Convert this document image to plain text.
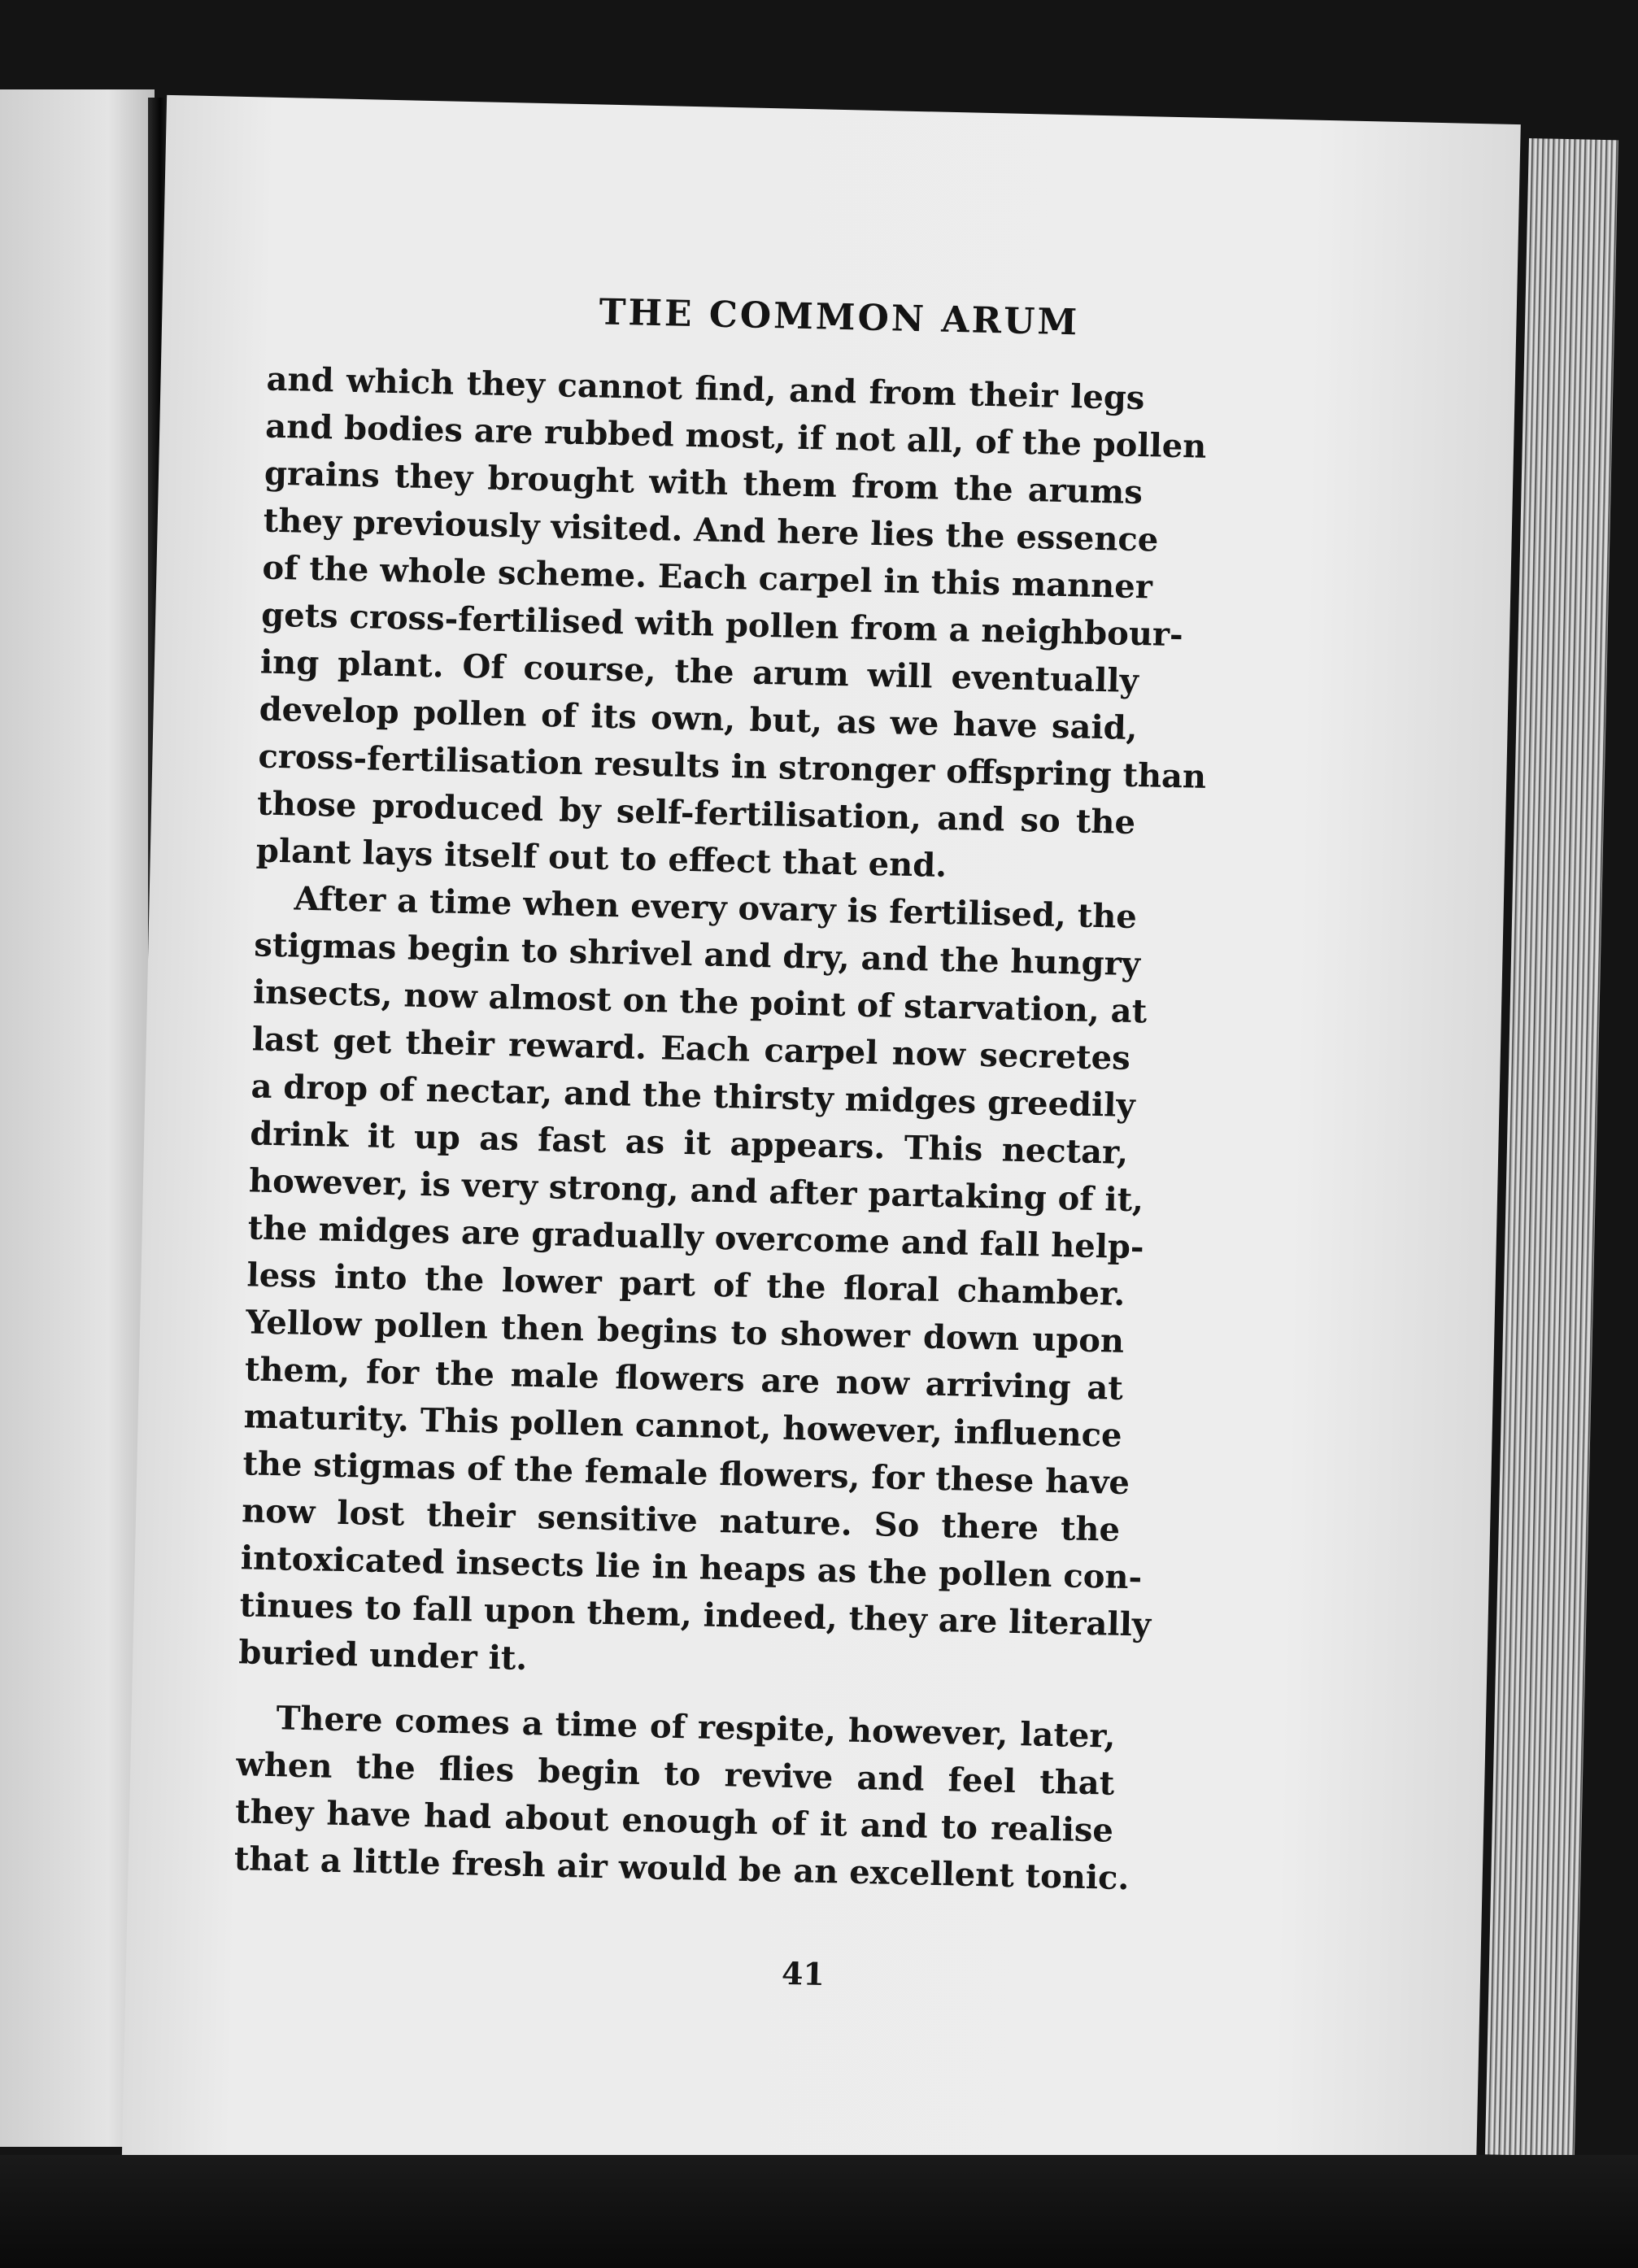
THE COMMON ARUM
and which they cannot find, and from their legs
and bodies are rubbed most, if not all, of the pollen
grains they brought with them from the arums
they previously visited. And here lies the essence
of the whole scheme. Each carpel in this manner
gets cross-fertilised with pollen from a neighbour-
ing plant. Of course, the arum will eventually
develop pollen of its own, but, as we have said,
cross-fertilisation results in stronger offspring than
those produced by self-fertilisation, and so the
plant lays itself out to effect that end.
After a time when every ovary is fertilised, the
stigmas begin to shrivel and dry, and the hungry
insects, now almost on the point of starvation, at
last get their reward. Each carpel now secretes
a drop of nectar, and the thirsty midges greedily
drink it up as fast as it appears. This nectar,
however, is very strong, and after partaking of it,
the midges are gradually overcome and fall help-
less into the lower part of the floral chamber.
Yellow pollen then begins to shower down upon
them, for the male flowers are now arriving at
maturity. This pollen cannot, however, influence
the stigmas of the female flowers, for these have
now lost their sensitive nature. So there the
intoxicated insects lie in heaps as the pollen con-
tinues to fall upon them, indeed, they are literally
buried under it.
There comes a time of respite, however, later,
when the flies begin to revive and feel that
they have had about enough of it and to realise
that a little fresh air would be an excellent tonic.
41
